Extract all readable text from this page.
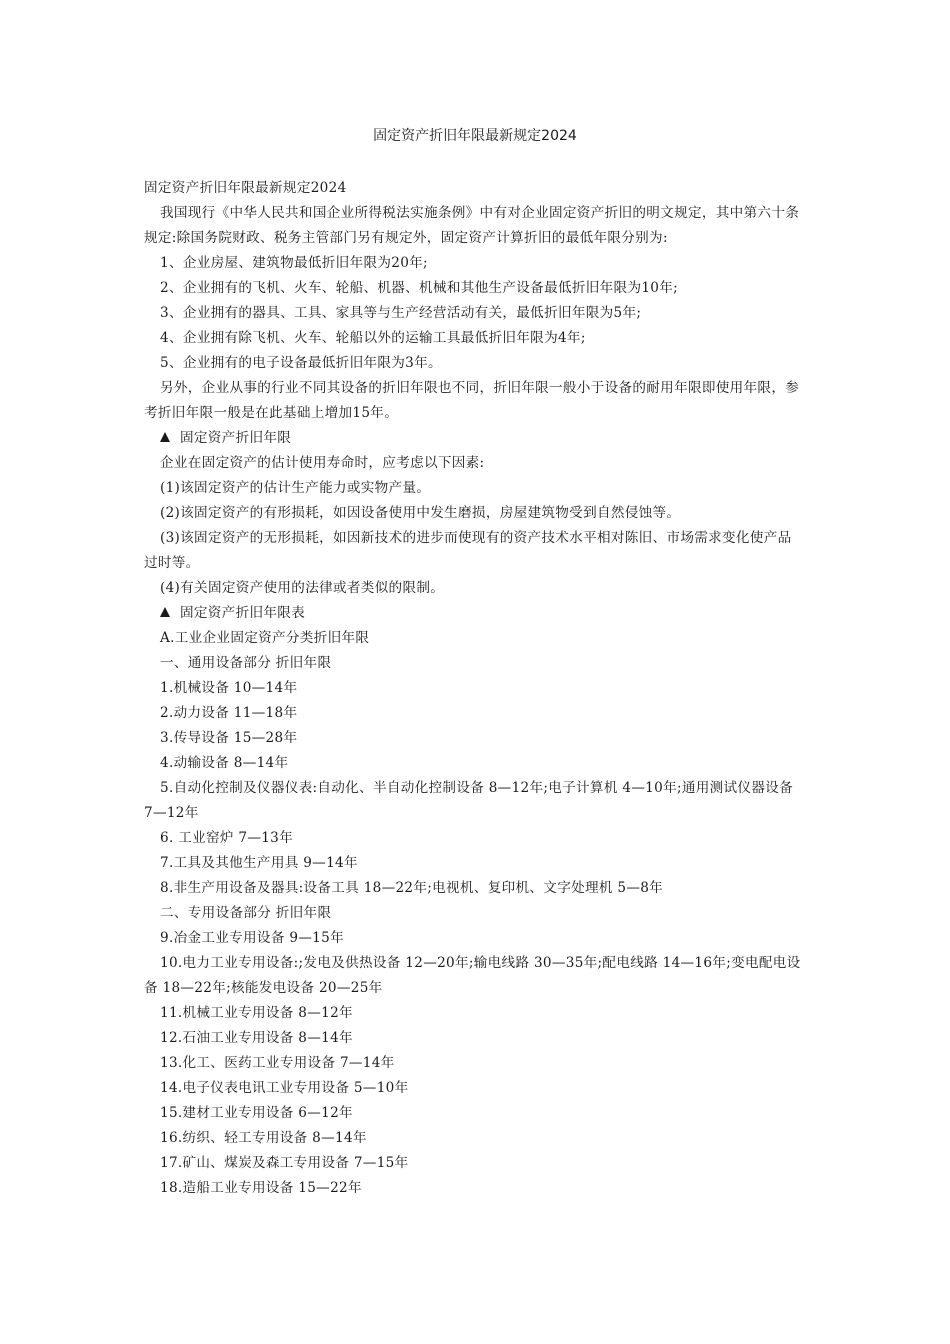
固定资产折旧年限最新规定2024
固定资产折旧年限最新规定2024
我国现行《中华人民共和国企业所得税法实施条例》中有对企业固定资产折旧的明文规定，其中第六十条规定:除国务院财政、税务主管部门另有规定外，固定资产计算折旧的最低年限分别为:
1、企业房屋、建筑物最低折旧年限为20年;
2、企业拥有的飞机、火车、轮船、机器、机械和其他生产设备最低折旧年限为10年;
3、企业拥有的器具、工具、家具等与生产经营活动有关，最低折旧年限为5年;
4、企业拥有除飞机、火车、轮船以外的运输工具最低折旧年限为4年;
5、企业拥有的电子设备最低折旧年限为3年。
另外，企业从事的行业不同其设备的折旧年限也不同，折旧年限一般小于设备的耐用年限即使用年限，参考折旧年限一般是在此基础上增加15年。
固定资产折旧年限
企业在固定资产的估计使用寿命时，应考虑以下因素:
(1)该固定资产的估计生产能力或实物产量。
(2)该固定资产的有形损耗，如因设备使用中发生磨损，房屋建筑物受到自然侵蚀等。
(3)该固定资产的无形损耗，如因新技术的进步而使现有的资产技术水平相对陈旧、市场需求变化使产品过时等。
(4)有关固定资产使用的法律或者类似的限制。
固定资产折旧年限表
A.工业企业固定资产分类折旧年限
一、通用设备部分 折旧年限
1.机械设备 10—14年
2.动力设备 11—18年
3.传导设备 15—28年
4.动输设备 8—14年
5.自动化控制及仪器仪表:自动化、半自动化控制设备 8—12年;电子计算机 4—10年;通用测试仪器设备 7—12年
6. 工业窑炉 7—13年
7.工具及其他生产用具 9—14年
8.非生产用设备及器具:设备工具 18—22年;电视机、复印机、文字处理机 5—8年
二、专用设备部分 折旧年限
9.冶金工业专用设备 9—15年
10.电力工业专用设备:;发电及供热设备 12—20年;输电线路 30—35年;配电线路 14—16年;变电配电设备 18—22年;核能发电设备 20—25年
11.机械工业专用设备 8—12年
12.石油工业专用设备 8—14年
13.化工、医药工业专用设备 7—14年
14.电子仪表电讯工业专用设备 5—10年
15.建材工业专用设备 6—12年
16.纺织、轻工专用设备 8—14年
17.矿山、煤炭及森工专用设备 7—15年
18.造船工业专用设备 15—22年
